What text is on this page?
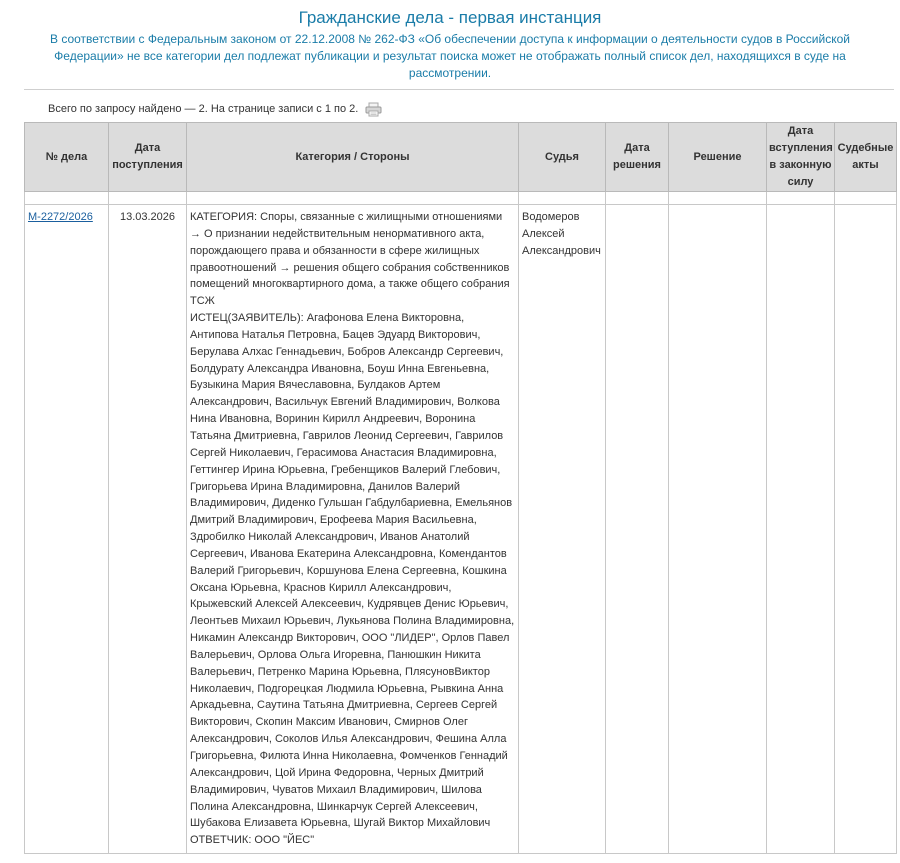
Гражданские дела - первая инстанция
В соответствии с Федеральным законом от 22.12.2008 № 262-ФЗ «Об обеспечении доступа к информации о деятельности судов в Российской Федерации» не все категории дел подлежат публикации и результат поиска может не отображать полный список дел, находящихся в суде на рассмотрении.
Всего по запросу найдено — 2. На странице записи с 1 по 2.
№ дела	Дата поступления	Категория / Стороны	Судья	Дата решения	Решение	Дата вступления в законную силу	Судебные акты

М-2272/2026	13.03.2026	КАТЕГОРИЯ: Споры, связанные с жилищными отношениями → О признании недействительным ненормативного акта, порождающего права и обязанности в сфере жилищных правоотношений → решения общего собрания собственников помещений многоквартирного дома, а также общего собрания ТСЖ
ИСТЕЦ(ЗАЯВИТЕЛЬ): Агафонова Елена Викторовна, Антипова Наталья Петровна, Бацев Эдуард Викторович, Берулава Алхас Геннадьевич, Бобров Александр Сергеевич, Болдурату Александра Ивановна, Боуш Инна Евгеньевна, Бузыкина Мария Вячеславовна, Булдаков Артем Александрович, Васильчук Евгений Владимирович, Волкова Нина Ивановна, Воринин Кирилл Андреевич, Воронина Татьяна Дмитриевна, Гаврилов Леонид Сергеевич, Гаврилов Сергей Николаевич, Герасимова Анастасия Владимировна, Геттингер Ирина Юрьевна, Гребенщиков Валерий Глебович, Григорьева Ирина Владимировна, Данилов Валерий Владимирович, Диденко Гульшан Габдулбариевна, Емельянов Дмитрий Владимирович, Ерофеева Мария Васильевна, Здробилко Николай Александрович, Иванов Анатолий Сергеевич, Иванова Екатерина Александровна, Комендантов Валерий Григорьевич, Коршунова Елена Сергеевна, Кошкина Оксана Юрьевна, Краснов Кирилл Александрович, Крыжевский Алексей Алексеевич, Кудрявцев Денис Юрьевич, Леонтьев Михаил Юрьевич, Лукьянова Полина Владимировна, Никамин Александр Викторович, ООО "ЛИДЕР", Орлов Павел Валерьевич, Орлова Ольга Игоревна, Панюшкин Никита Валерьевич, Петренко Марина Юрьевна, ПлясуновВиктор Николаевич, Подгорецкая Людмила Юрьевна, Рывкина Анна Аркадьевна, Саутина Татьяна Дмитриевна, Сергеев Сергей Викторович, Скопин Максим Иванович, Смирнов Олег Александрович, Соколов Илья Александрович, Фешина Алла Григорьевна, Филюта Инна Николаевна, Фомченков Геннадий Александрович, Цой Ирина Федоровна, Черных Дмитрий Владимирович, Чуватов Михаил Владимирович, Шилова Полина Александровна, Шинкарчук Сергей Алексеевич, Шубакова Елизавета Юрьевна, Шугай Виктор Михайлович
ОТВЕТЧИК: ООО "ЙЕС"	Водомеров Алексей Александрович				
